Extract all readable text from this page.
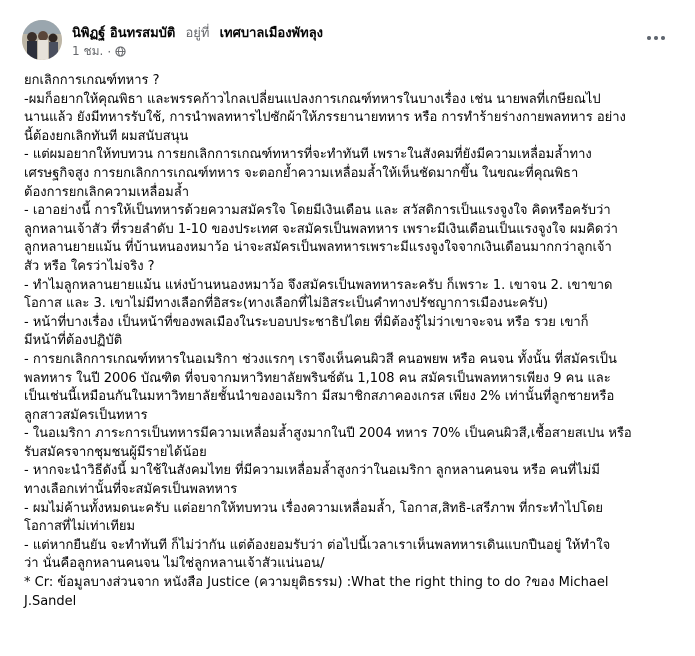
นิพิฏฐ์ อินทรสมบัติ อยู่ที่ เทศบาลเมืองพัทลุง
1 ชม. ·
ยกเลิกการเกณฑ์ทหาร ?
-ผมก็อยากให้คุณพิธา และพรรคก้าวไกลเปลี่ยนแปลงการเกณฑ์ทหารในบางเรื่อง เช่น นายพลที่เกษียณไป
นานแล้ว ยังมีทหารรับใช้, การนำพลทหารไปซักผ้าให้ภรรยานายทหาร หรือ การทำร้ายร่างกายพลทหาร อย่าง
นี้ต้องยกเลิกทันที ผมสนับสนุน
- แต่ผมอยากให้ทบทวน การยกเลิกการเกณฑ์ทหารที่จะทำทันที เพราะในสังคมที่ยังมีความเหลื่อมล้ำทาง
เศรษฐกิจสูง การยกเลิกการเกณฑ์ทหาร จะตอกย้ำความเหลื่อมล้ำให้เห็นชัดมากขึ้น ในขณะที่คุณพิธา
ต้องการยกเลิกความเหลื่อมล้ำ
- เอาอย่างนี้ การให้เป็นทหารด้วยความสมัครใจ โดยมีเงินเดือน และ สวัสดิการเป็นแรงจูงใจ คิดหรือครับว่า
ลูกหลานเจ้าสัว ที่รวยลำดับ 1-10 ของประเทศ จะสมัครเป็นพลทหาร เพราะมีเงินเดือนเป็นแรงจูงใจ ผมคิดว่า
ลูกหลานยายแม้น ที่บ้านหนองหมาว้อ น่าจะสมัครเป็นพลทหารเพราะมีแรงจูงใจจากเงินเดือนมากกว่าลูกเจ้า
สัว หรือ ใครว่าไม่จริง ?
- ทำไมลูกหลานยายแม้น แห่งบ้านหนองหมาว้อ จึงสมัครเป็นพลทหารละครับ ก็เพราะ 1. เขาจน 2. เขาขาด
โอกาส และ 3. เขาไม่มีทางเลือกที่อิสระ(ทางเลือกที่ไม่อิสระเป็นคำทางปรัชญาการเมืองนะครับ)
- หน้าที่บางเรื่อง เป็นหน้าที่ของพลเมืองในระบอบประชาธิปไตย ที่มิต้องรู้ไม่ว่าเขาจะจน หรือ รวย เขาก็
มีหน้าที่ต้องปฏิบัติ
- การยกเลิกการเกณฑ์ทหารในอเมริกา ช่วงแรกๆ เราจึงเห็นคนผิวสี คนอพยพ หรือ คนจน ทั้งนั้น ที่สมัครเป็น
พลทหาร ในปี 2006 บัณฑิต ที่จบจากมหาวิทยาลัยพรินซ์ตัน 1,108 คน สมัครเป็นพลทหารเพียง 9 คน และ
เป็นเช่นนี้เหมือนกันในมหาวิทยาลัยชั้นนำของอเมริกา มีสมาชิกสภาคองเกรส เพียง 2% เท่านั้นที่ลูกชายหรือ
ลูกสาวสมัครเป็นทหาร
- ในอเมริกา ภาระการเป็นทหารมีความเหลื่อมล้ำสูงมากในปี 2004 ทหาร 70% เป็นคนผิวสี,เชื้อสายสเปน หรือ
รับสมัครจากชุมชนผู้มีรายได้น้อย
- หากจะนำวิธีดังนี้ มาใช้ในสังคมไทย ที่มีความเหลื่อมล้ำสูงกว่าในอเมริกา ลูกหลานคนจน หรือ คนที่ไม่มี
ทางเลือกเท่านั้นที่จะสมัครเป็นพลทหาร
- ผมไม่ค้านทั้งหมดนะครับ แต่อยากให้ทบทวน เรื่องความเหลื่อมล้ำ, โอกาส,สิทธิ-เสรีภาพ ที่กระทำไปโดย
โอกาสที่ไม่เท่าเทียม
- แต่หากยืนยัน จะทำทันที ก็ไม่ว่ากัน แต่ต้องยอมรับว่า ต่อไปนี้เวลาเราเห็นพลทหารเดินแบกปืนอยู่ ให้ทำใจ
ว่า นั่นคือลูกหลานคนจน ไม่ใช่ลูกหลานเจ้าสัวแน่นอน/
* Cr: ข้อมูลบางส่วนจาก หนังสือ Justice (ความยุติธรรม) :What the right thing to do ?ของ Michael
J.Sandel
